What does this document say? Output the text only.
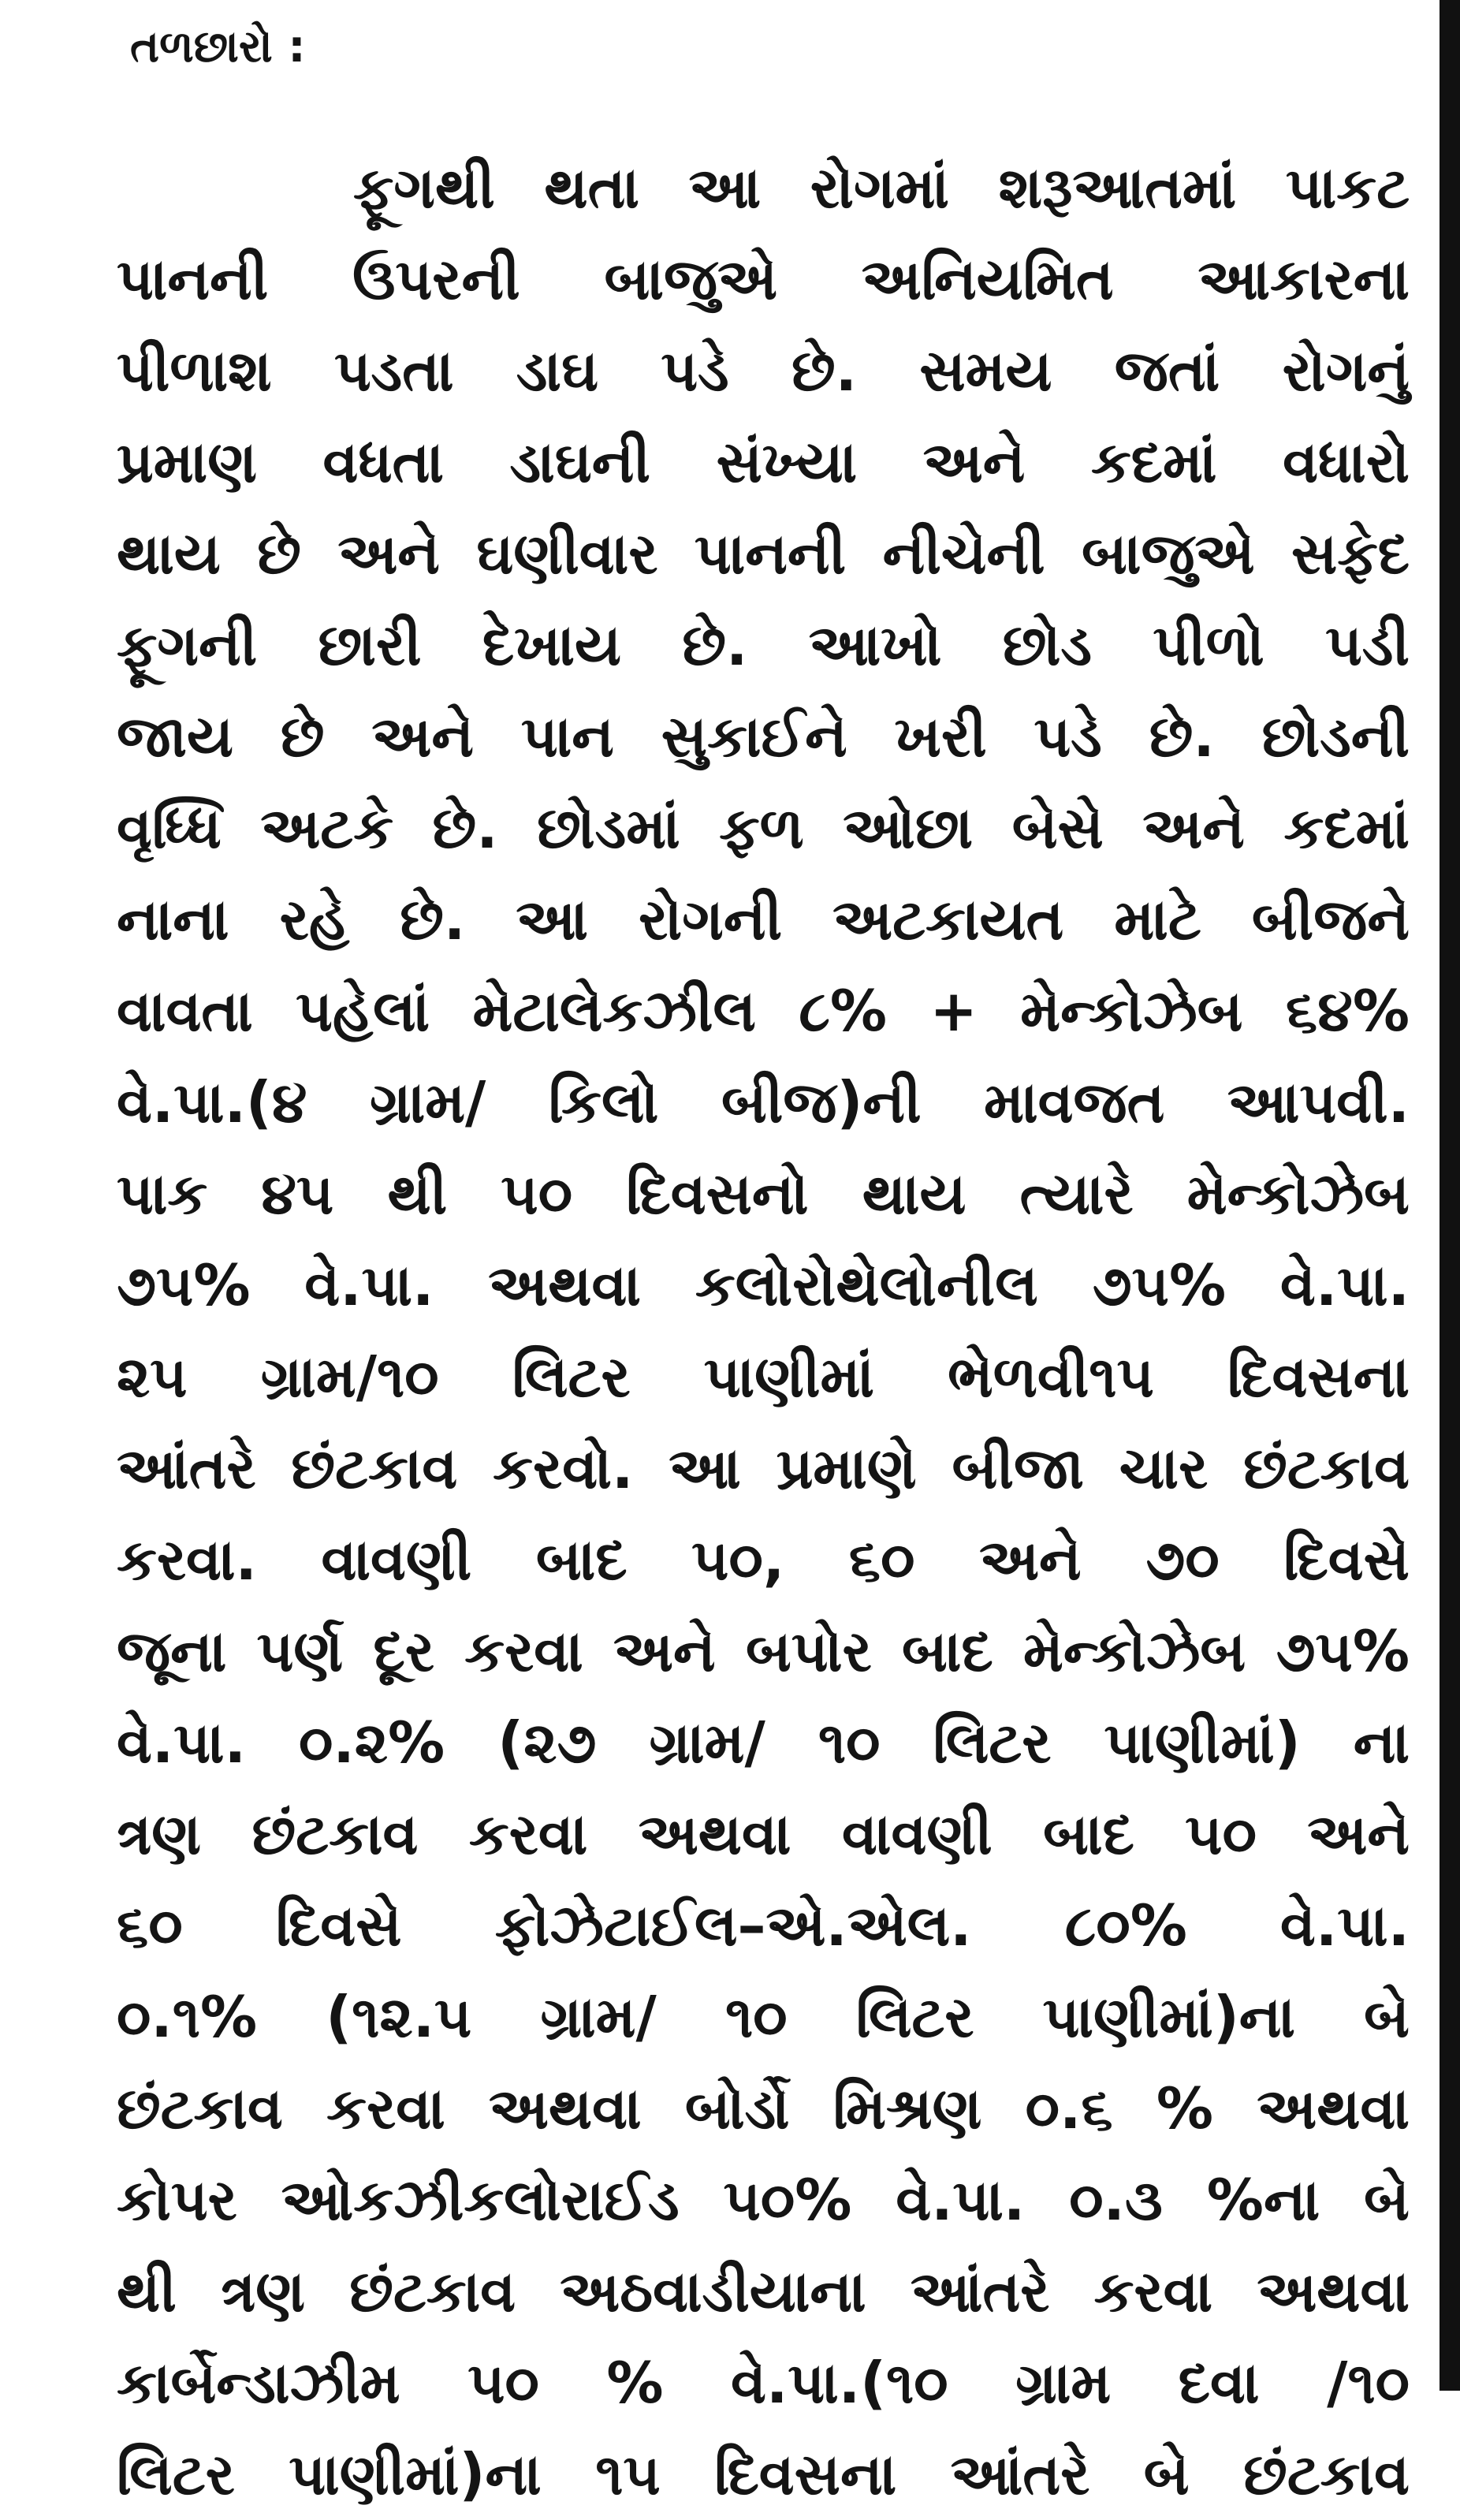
તળછારો :
ફૂગથી થતા આ રોગમાં શરૂઆતમાં પાકટ
પાનની ઉપરની બાજુએ અનિયમિત આકારના
પીળાશ પડતા ડાઘ પડે છે. સમય જતાં રોગનું
પ્રમાણ વધતા ડાઘની સંખ્યા અને કદમાં વધારો
થાય છે અને ઘણીવાર પાનની નીચેની બાજુએ સફેદ
ફૂગની છારી દેખાય છે. આખો છોડ પીળો પડી
જાય છે અને પાન સુકાઈને ખરી પડે છે. છોડની
વૃધ્ધિ અટકે છે. છોડમાં ફળ ઓછા બેસે અને કદમાં
નાના રહે છે. આ રોગની અટકાયત માટે બીજને
વાવતા પહેલાં મેટાલેકઝીલ ૮% + મેન્કોઝેબ ૬૪%
વે.પા.(૪ ગ્રામ/ કિલો બીજ)ની માવજત આપવી.
પાક ૪૫ થી ૫૦ દિવસનો થાય ત્યારે મેન્કોઝેબ
૭૫% વે.પા. અથવા કલોરોથેલોનીલ ૭૫% વે.પા.
૨૫ ગ્રામ/૧૦ લિટર પાણીમાં ભેળવી૧૫ દિવસના
આંતરે છંટકાવ કરવો. આ પ્રમાણે બીજા ચાર છંટકાવ
કરવા. વાવણી બાદ ૫૦, ૬૦ અને ૭૦ દિવસે
જૂના પર્ણ દૂર કરવા અને બપોર બાદ મેન્કોઝેબ ૭૫%
વે.પા. ૦.૨% (૨૭ ગ્રામ/ ૧૦ લિટર પાણીમાં) ના
ત્રણ છંટકાવ કરવા અથવા વાવણી બાદ ૫૦ અને
૬૦ દિવસે ફોઝેટાઈલ–એ.એલ. ૮૦% વે.પા.
૦.૧% (૧૨.૫ ગ્રામ/ ૧૦ લિટર પાણીમાં)ના બે
છંટકાવ કરવા અથવા બોર્ડો મિશ્રણ ૦.૬ % અથવા
કોપર ઓકઝીકલોરાઈડ ૫૦% વે.પા. ૦.૩ %ના બે
થી ત્રણ છંટકાવ અઠવાડીયાના આંતરે કરવા અથવા
કાર્બેન્ડાઝીમ ૫૦ % વે.પા.(૧૦ ગ્રામ દવા /૧૦
લિટર પાણીમાં)ના ૧૫ દિવસના આંતરે બે છંટકાવ
